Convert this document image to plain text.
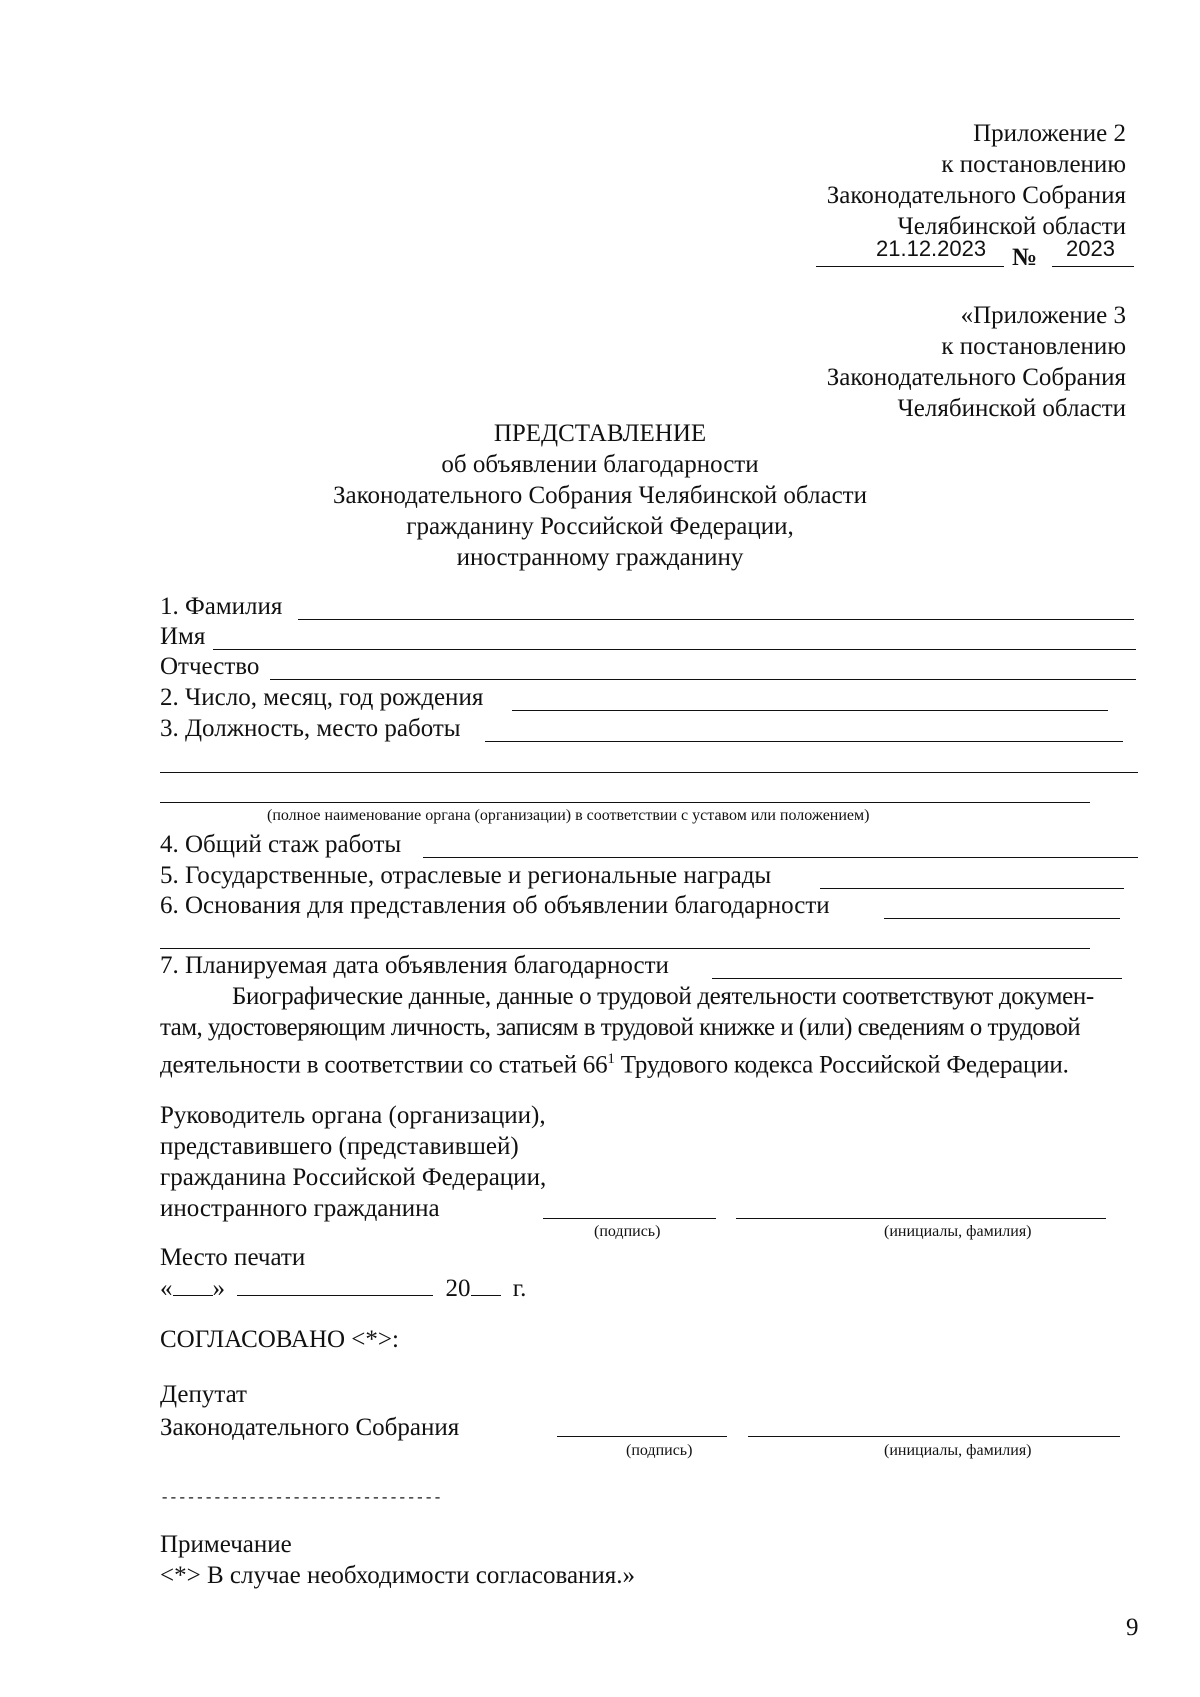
Приложение 2
к постановлению
Законодательного Собрания
Челябинской области
21.12.2023 № 2023
«Приложение 3
к постановлению
Законодательного Собрания
Челябинской области
ПРЕДСТАВЛЕНИЕ
об объявлении благодарности
Законодательного Собрания Челябинской области
гражданину Российской Федерации,
иностранному гражданину
1. Фамилия
Имя
Отчество
2. Число, месяц, год рождения
3. Должность, место работы
(полное наименование органа (организации) в соответствии с уставом или положением)
4. Общий стаж работы
5. Государственные, отраслевые и региональные награды
6. Основания для представления об объявлении благодарности
7. Планируемая дата объявления благодарности
Биографические данные, данные о трудовой деятельности соответствуют докумен-
там, удостоверяющим личность, записям в трудовой книжке и (или) сведениям о трудовой
деятельности в соответствии со статьей $66^1$ Трудового кодекса Российской Федерации.
Руководитель органа (организации),
представившего (представившей)
гражданина Российской Федерации,
иностранного гражданина
(подпись)	(инициалы, фамилия)
Место печати
« »	20 г.
СОГЛАСОВАНО <*>:
Депутат
Законодательного Собрания
(подпись)	(инициалы, фамилия)
--------------------------------
Примечание
<*> В случае необходимости согласования.»
9
